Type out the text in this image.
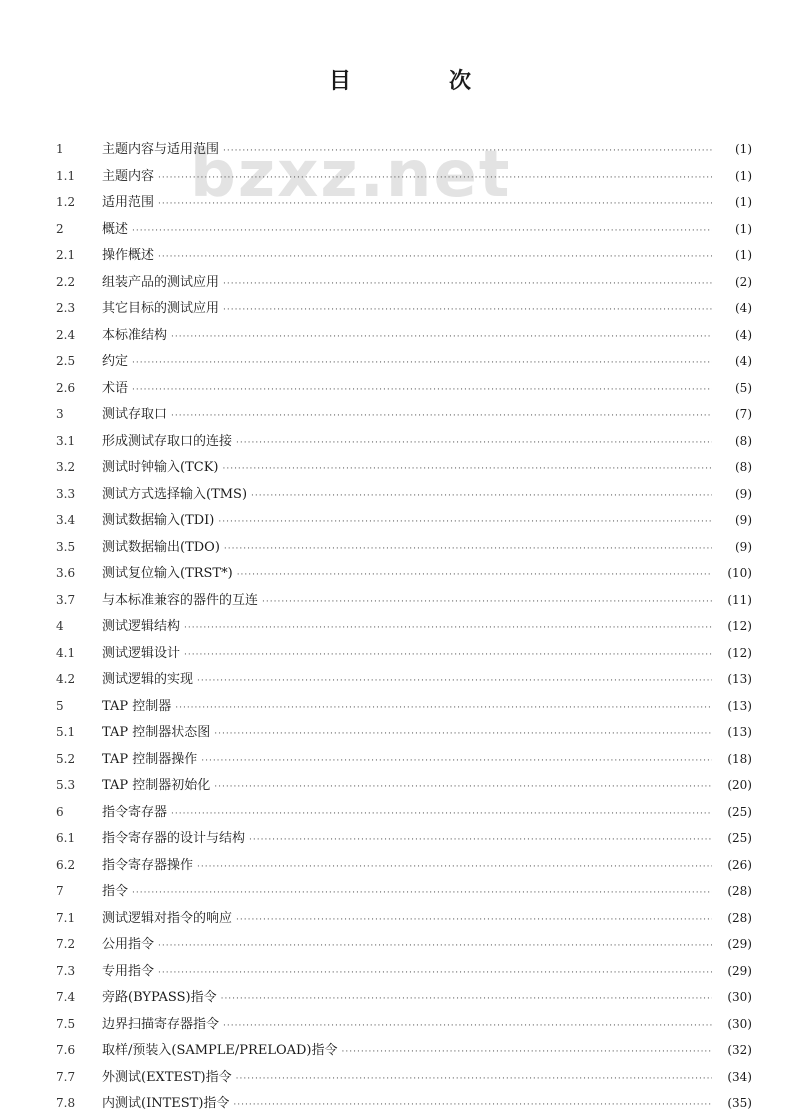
目　次
bzxz.net
1	主题内容与适用范围 ·····	(1)
1.1	主题内容 ·····	(1)
1.2	适用范围 ·····	(1)
2	概述 ·····	(1)
2.1	操作概述 ·····	(1)
2.2	组装产品的测试应用 ·····	(2)
2.3	其它目标的测试应用 ·····	(4)
2.4	本标准结构 ·····	(4)
2.5	约定 ·····	(4)
2.6	术语 ·····	(5)
3	测试存取口 ·····	(7)
3.1	形成测试存取口的连接 ·····	(8)
3.2	测试时钟输入(TCK) ·····	(8)
3.3	测试方式选择输入(TMS) ·····	(9)
3.4	测试数据输入(TDI) ·····	(9)
3.5	测试数据输出(TDO) ·····	(9)
3.6	测试复位输入(TRST*) ·····	(10)
3.7	与本标准兼容的器件的互连 ·····	(11)
4	测试逻辑结构 ·····	(12)
4.1	测试逻辑设计 ·····	(12)
4.2	测试逻辑的实现 ·····	(13)
5	TAP 控制器 ·····	(13)
5.1	TAP 控制器状态图 ·····	(13)
5.2	TAP 控制器操作 ·····	(18)
5.3	TAP 控制器初始化 ·····	(20)
6	指令寄存器 ·····	(25)
6.1	指令寄存器的设计与结构 ·····	(25)
6.2	指令寄存器操作 ·····	(26)
7	指令 ·····	(28)
7.1	测试逻辑对指令的响应 ·····	(28)
7.2	公用指令 ·····	(29)
7.3	专用指令 ·····	(29)
7.4	旁路(BYPASS)指令 ·····	(30)
7.5	边界扫描寄存器指令 ·····	(30)
7.6	取样/预装入(SAMPLE/PRELOAD)指令 ·····	(32)
7.7	外测试(EXTEST)指令 ·····	(34)
7.8	内测试(INTEST)指令 ·····	(35)
